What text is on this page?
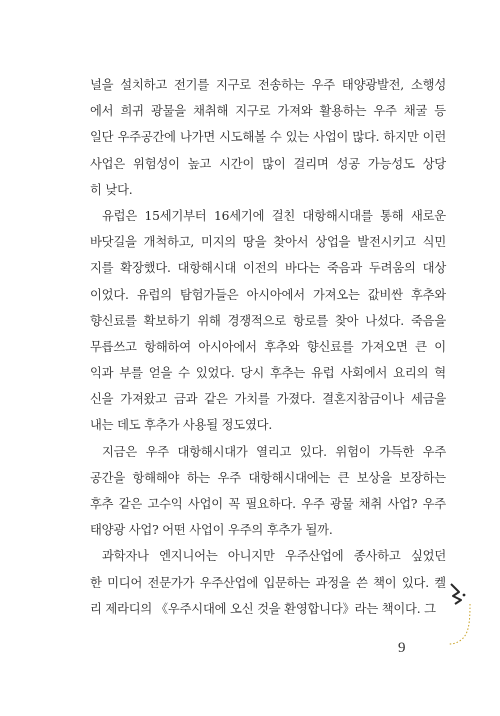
널을 설치하고 전기를 지구로 전송하는 우주 태양광발전, 소행성
에서 희귀 광물을 채취해 지구로 가져와 활용하는 우주 채굴 등
일단 우주공간에 나가면 시도해볼 수 있는 사업이 많다. 하지만 이런
사업은 위험성이 높고 시간이 많이 걸리며 성공 가능성도 상당
히 낮다.
유럽은 15세기부터 16세기에 걸친 대항해시대를 통해 새로운
바닷길을 개척하고, 미지의 땅을 찾아서 상업을 발전시키고 식민
지를 확장했다. 대항해시대 이전의 바다는 죽음과 두려움의 대상
이었다. 유럽의 탐험가들은 아시아에서 가져오는 값비싼 후추와
향신료를 확보하기 위해 경쟁적으로 항로를 찾아 나섰다. 죽음을
무릅쓰고 항해하여 아시아에서 후추와 향신료를 가져오면 큰 이
익과 부를 얻을 수 있었다. 당시 후추는 유럽 사회에서 요리의 혁
신을 가져왔고 금과 같은 가치를 가졌다. 결혼지참금이나 세금을
내는 데도 후추가 사용될 정도였다.
지금은 우주 대항해시대가 열리고 있다. 위험이 가득한 우주
공간을 항해해야 하는 우주 대항해시대에는 큰 보상을 보장하는
후추 같은 고수익 사업이 꼭 필요하다. 우주 광물 채취 사업? 우주
태양광 사업? 어떤 사업이 우주의 후추가 될까.
과학자나 엔지니어는 아니지만 우주산업에 종사하고 싶었던
한 미디어 전문가가 우주산업에 입문하는 과정을 쓴 책이 있다. 켈
리 제라디의 《우주시대에 오신 것을 환영합니다》라는 책이다. 그
9
